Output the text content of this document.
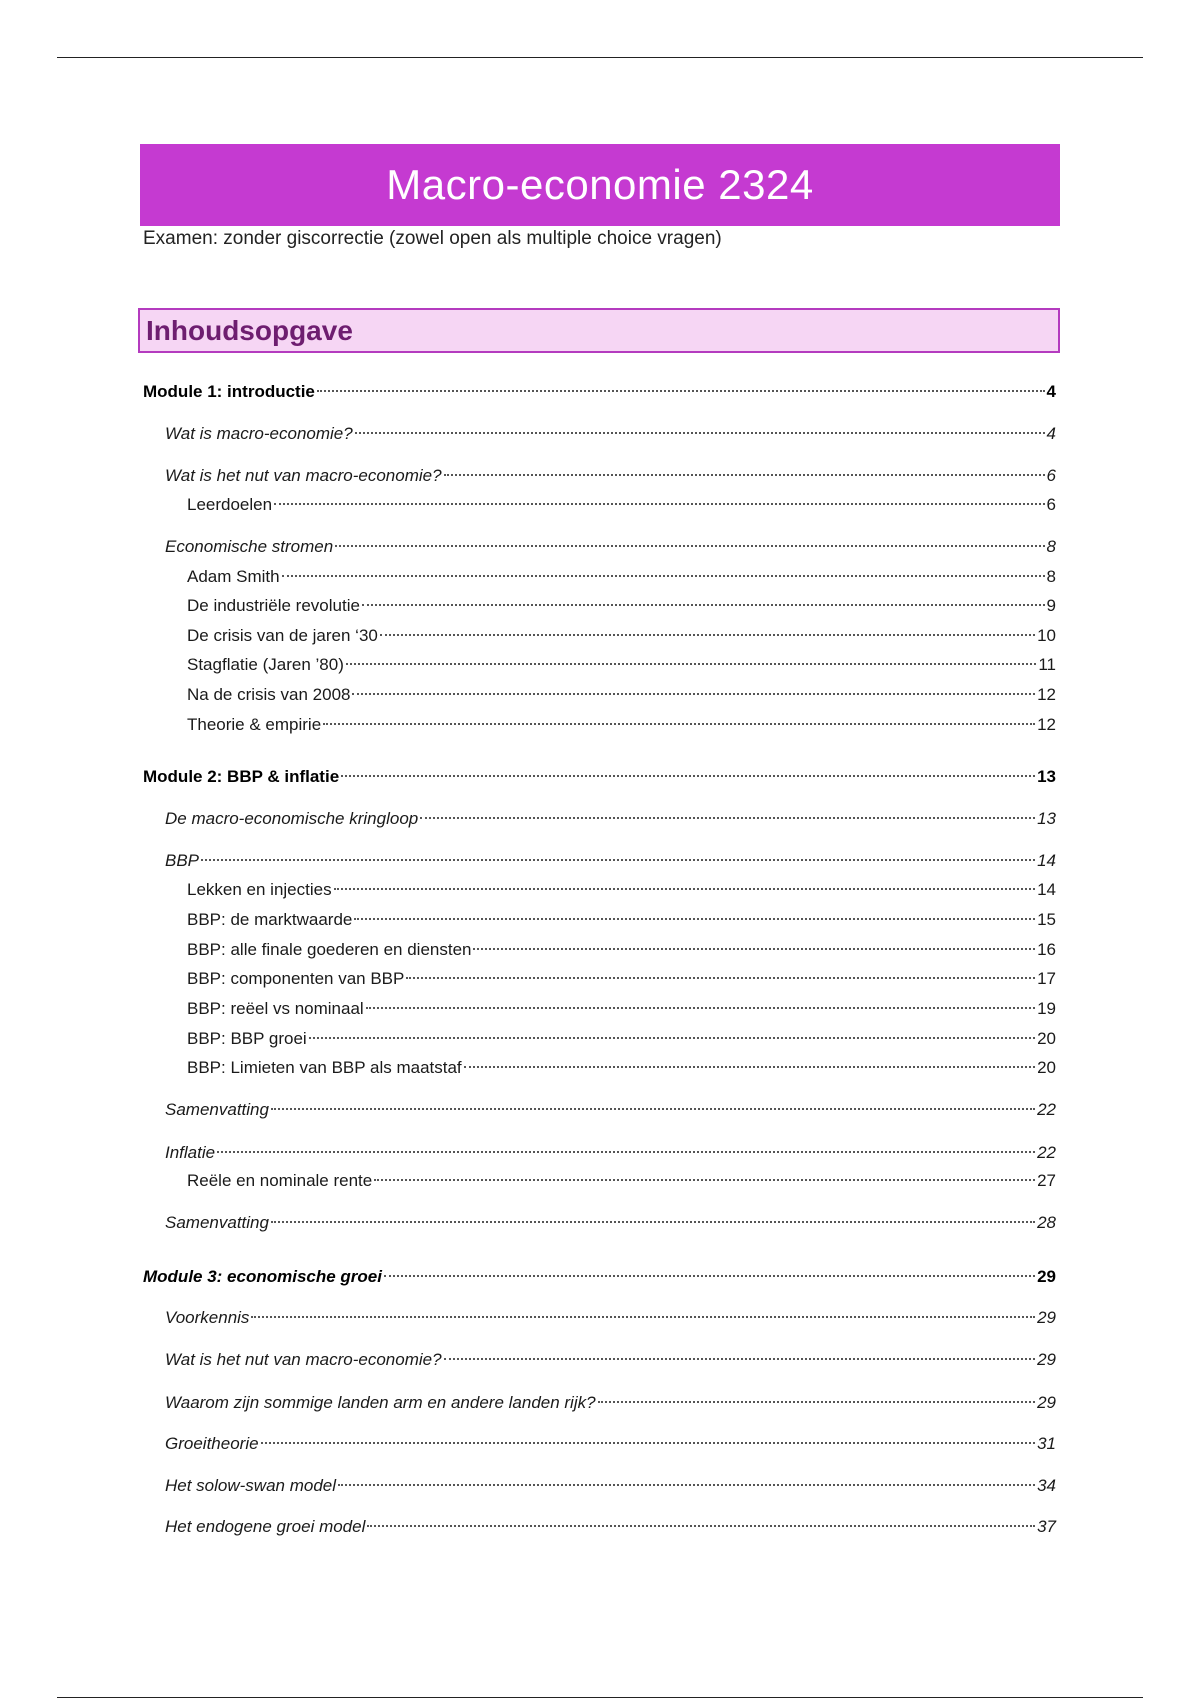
Macro-economie 2324
Examen: zonder giscorrectie (zowel open als multiple choice vragen)
Inhoudsopgave
Module 1: introductie	4
Wat is macro-economie?	4
Wat is het nut van macro-economie?	6
Leerdoelen	6
Economische stromen	8
Adam Smith	8
De industriële revolutie	9
De crisis van de jaren ‘30	10
Stagflatie (Jaren ’80)	11
Na de crisis van 2008	12
Theorie & empirie	12
Module 2: BBP & inflatie	13
De macro-economische kringloop	13
BBP	14
Lekken en injecties	14
BBP: de marktwaarde	15
BBP: alle finale goederen en diensten	16
BBP: componenten van BBP	17
BBP: reëel vs nominaal	19
BBP: BBP groei	20
BBP: Limieten van BBP als maatstaf	20
Samenvatting	22
Inflatie	22
Reële en nominale rente	27
Samenvatting	28
Module 3: economische groei	29
Voorkennis	29
Wat is het nut van macro-economie?	29
Waarom zijn sommige landen arm en andere landen rijk?	29
Groeitheorie	31
Het solow-swan model	34
Het endogene groei model	37
